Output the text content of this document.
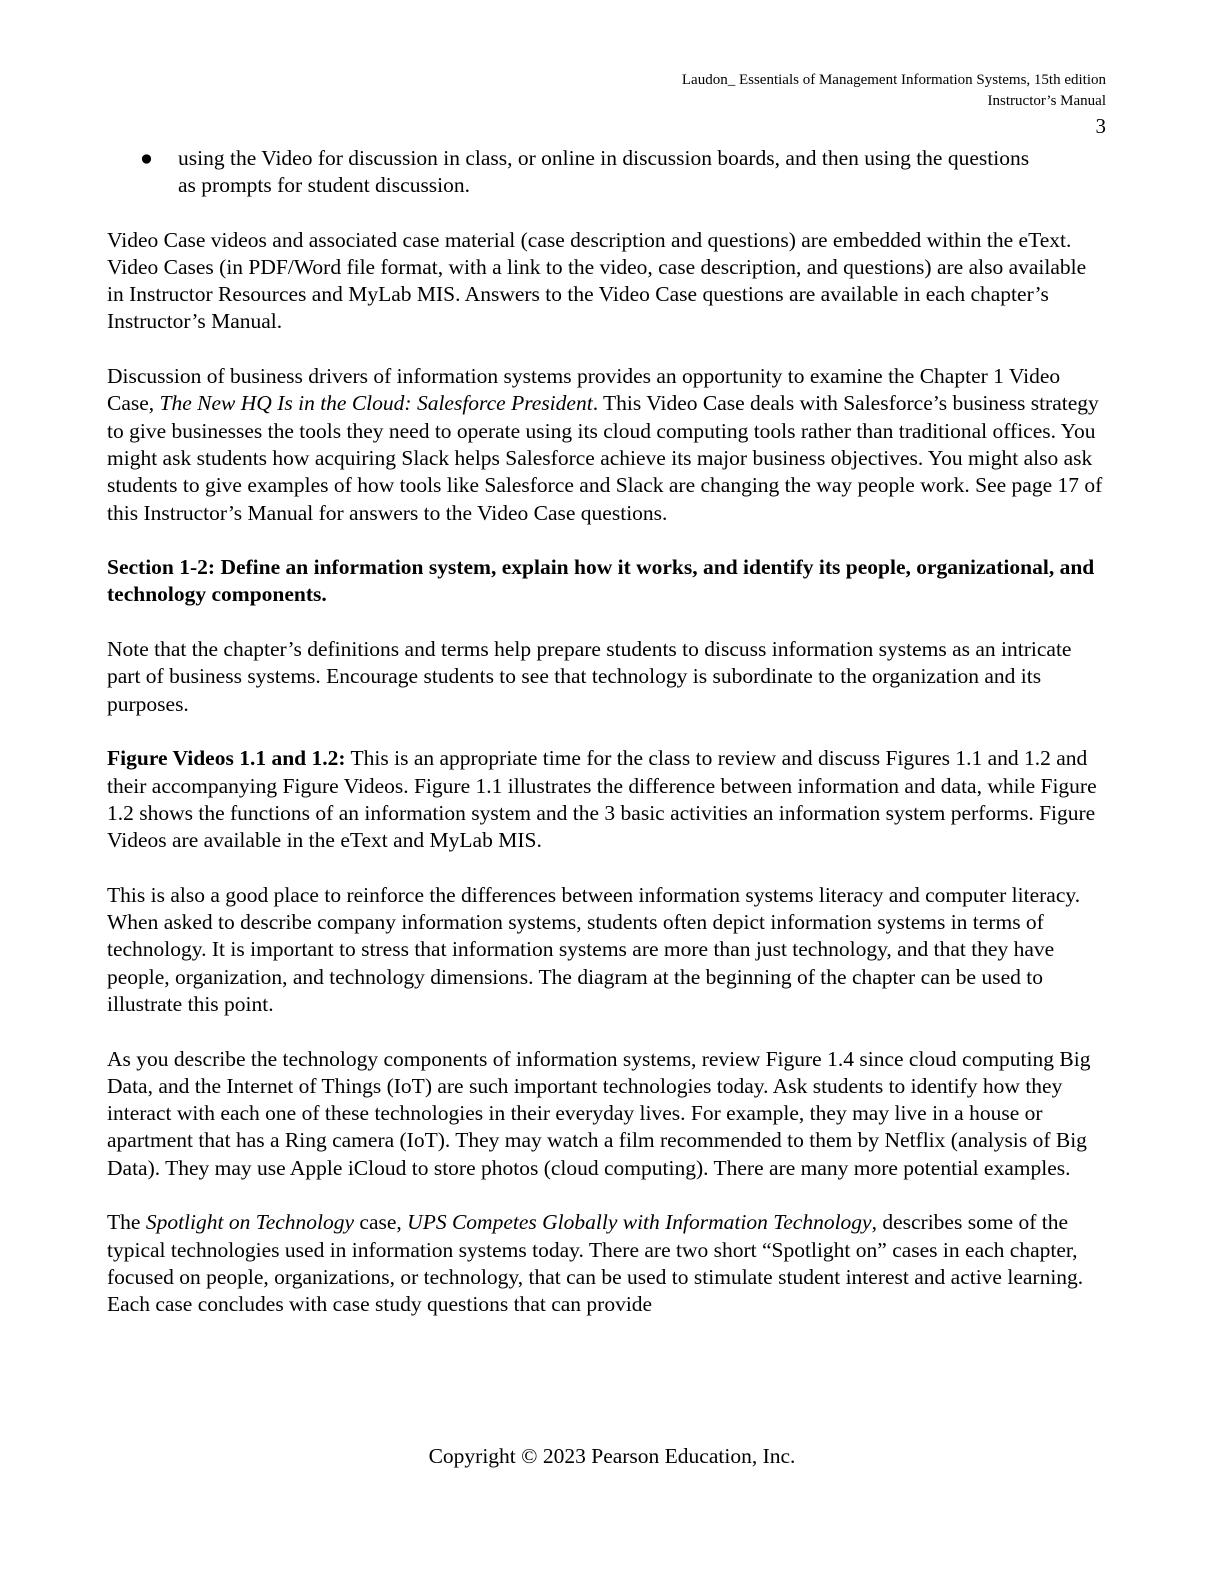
Laudon_ Essentials of Management Information Systems, 15th edition
Instructor’s Manual
3
●	using the Video for discussion in class, or online in discussion boards, and then using the questions as prompts for student discussion.

Video Case videos and associated case material (case description and questions) are embedded within the eText. Video Cases (in PDF/Word file format, with a link to the video, case description, and questions) are also available in Instructor Resources and MyLab MIS. Answers to the Video Case questions are available in each chapter’s Instructor’s Manual.

Discussion of business drivers of information systems provides an opportunity to examine the Chapter 1 Video Case, The New HQ Is in the Cloud: Salesforce President. This Video Case deals with Salesforce’s business strategy to give businesses the tools they need to operate using its cloud computing tools rather than traditional offices. You might ask students how acquiring Slack helps Salesforce achieve its major business objectives. You might also ask students to give examples of how tools like Salesforce and Slack are changing the way people work. See page 17 of this Instructor’s Manual for answers to the Video Case questions.

Section 1-2: Define an information system, explain how it works, and identify its people, organizational, and technology components.

Note that the chapter’s definitions and terms help prepare students to discuss information systems as an intricate part of business systems. Encourage students to see that technology is subordinate to the organization and its purposes.

Figure Videos 1.1 and 1.2: This is an appropriate time for the class to review and discuss Figures 1.1 and 1.2 and their accompanying Figure Videos. Figure 1.1 illustrates the difference between information and data, while Figure 1.2 shows the functions of an information system and the 3 basic activities an information system performs. Figure Videos are available in the eText and MyLab MIS.

This is also a good place to reinforce the differences between information systems literacy and computer literacy. When asked to describe company information systems, students often depict information systems in terms of technology. It is important to stress that information systems are more than just technology, and that they have people, organization, and technology dimensions. The diagram at the beginning of the chapter can be used to illustrate this point.

As you describe the technology components of information systems, review Figure 1.4 since cloud computing Big Data, and the Internet of Things (IoT) are such important technologies today. Ask students to identify how they interact with each one of these technologies in their everyday lives. For example, they may live in a house or apartment that has a Ring camera (IoT). They may watch a film recommended to them by Netflix (analysis of Big Data). They may use Apple iCloud to store photos (cloud computing). There are many more potential examples.

The Spotlight on Technology case, UPS Competes Globally with Information Technology, describes some of the typical technologies used in information systems today. There are two short “Spotlight on” cases in each chapter, focused on people, organizations, or technology, that can be used to stimulate student interest and active learning. Each case concludes with case study questions that can provide

Copyright © 2023 Pearson Education, Inc.
